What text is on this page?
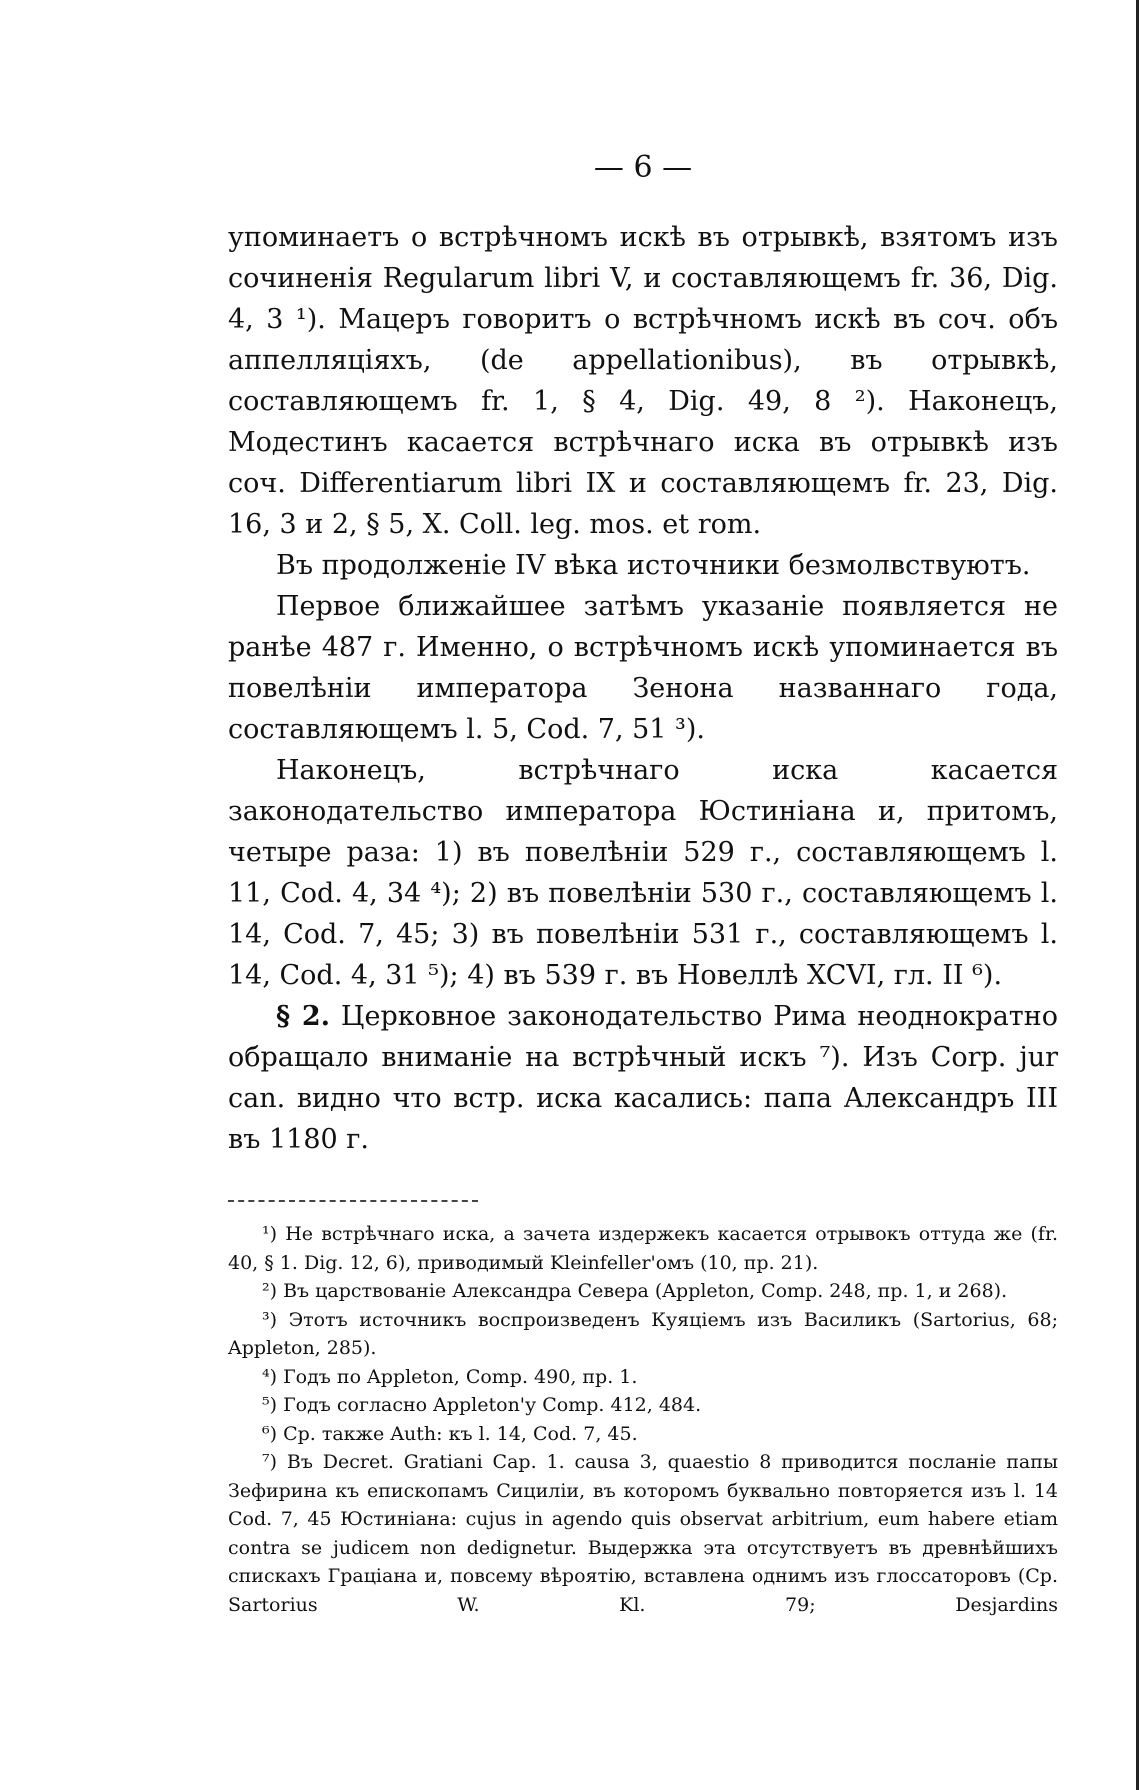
— 6 —

упоминаетъ о встрѣчномъ искѣ въ отрывкѣ, взятомъ изъ сочиненія Regularum libri V, и составляющемъ fr. 36, Dig. 4, 3 ¹). Мацеръ говоритъ о встрѣчномъ искѣ въ соч. объ аппелляціяхъ, (de appellationibus), въ отрывкѣ, составляющемъ fr. 1, § 4, Dig. 49, 8 ²). Наконецъ, Модестинъ касается встрѣчнаго иска въ отрывкѣ изъ соч. Differentiarum libri IX и составляющемъ fr. 23, Dig. 16, 3 и 2, § 5, X. Coll. leg. mos. et rom.

Въ продолженіе IV вѣка источники безмолвствуютъ.

Первое ближайшее затѣмъ указаніе появляется не ранѣе 487 г. Именно, о встрѣчномъ искѣ упоминается въ повелѣніи императора Зенона названнаго года, составляющемъ l. 5, Cod. 7, 51 ³).

Наконецъ, встрѣчнаго иска касается законодательство императора Юстиніана и, притомъ, четыре раза: 1) въ повелѣніи 529 г., составляющемъ l. 11, Cod. 4, 34 ⁴); 2) въ повелѣніи 530 г., составляющемъ l. 14, Cod. 7, 45; 3) въ повелѣніи 531 г., составляющемъ l. 14, Cod. 4, 31 ⁵); 4) въ 539 г. въ Новеллѣ XCVI, гл. II ⁶).

§ 2. Церковное законодательство Рима неоднократно обращало вниманіе на встрѣчный искъ ⁷). Изъ Corp. jur can. видно что встр. иска касались: папа Александръ III въ 1180 г.

¹) Не встрѣчнаго иска, а зачета издержекъ касается отрывокъ оттуда же (fr. 40, § 1. Dig. 12, 6), приводимый Kleinfeller'омъ (10, пр. 21).

²) Въ царствованіе Александра Севера (Appleton, Comp. 248, пр. 1, и 268).

³) Этотъ источникъ воспроизведенъ Куяціемъ изъ Василикъ (Sartorius, 68; Appleton, 285).

⁴) Годъ по Appleton, Comp. 490, пр. 1.

⁵) Годъ согласно Appleton'у Comp. 412, 484.

⁶) Ср. также Auth: къ l. 14, Cod. 7, 45.

⁷) Въ Decret. Gratiani Cap. 1. causa 3, quaestio 8 приводится посланіе папы Зефирина къ епископамъ Сициліи, въ которомъ буквально повторяется изъ l. 14 Cod. 7, 45 Юстиніана: cujus in agendo quis observat arbitrium, eum habere etiam contra se judicem non dedignetur. Выдержка эта отсутствуетъ въ древнѣйшихъ спискахъ Граціана и, повсему вѣроятію, вставлена однимъ изъ глоссаторовъ (Ср. Sartorius W. Kl. 79; Desjardins
